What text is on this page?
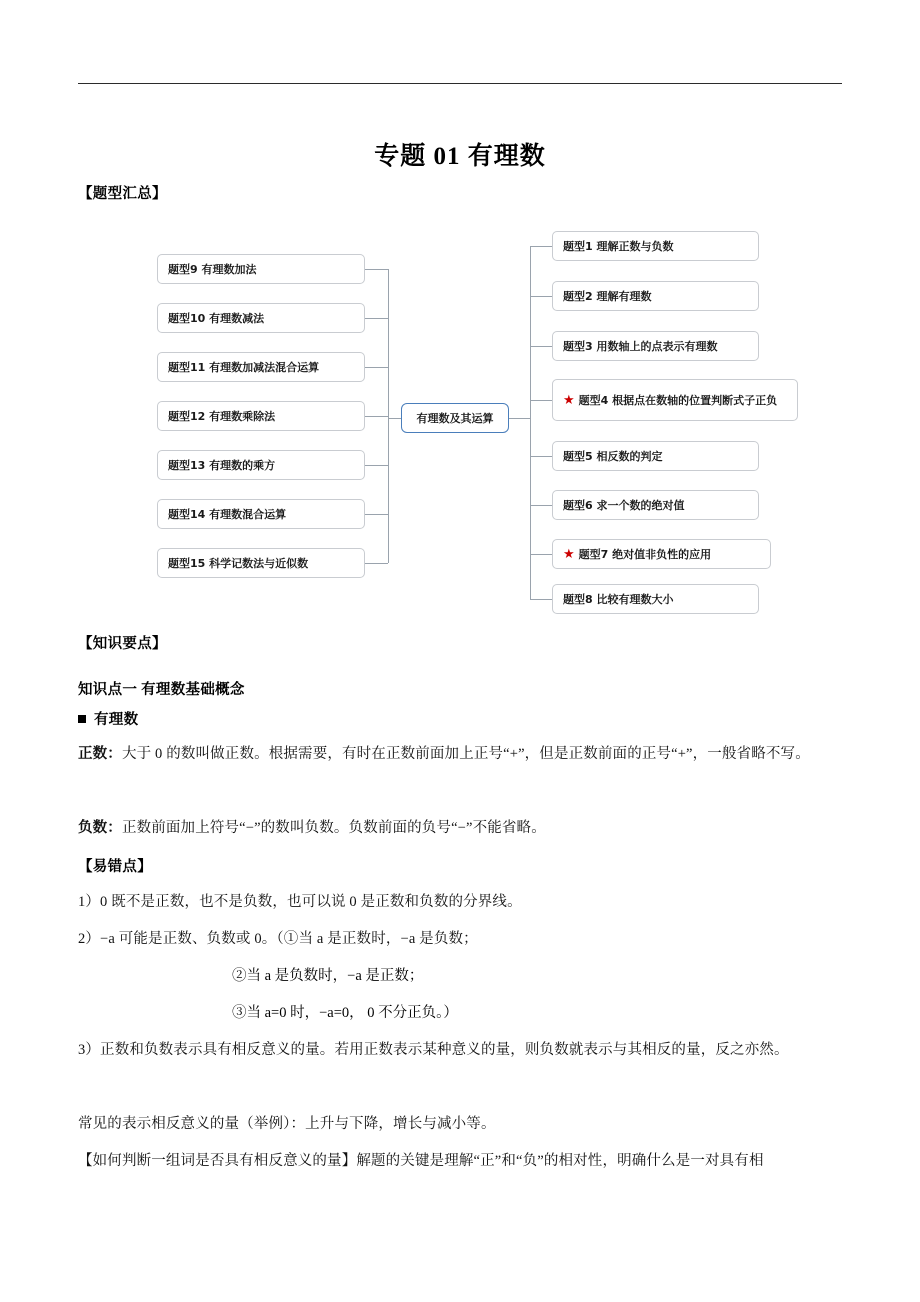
专题 01 有理数
【题型汇总】
题型9 有理数加法
题型10 有理数减法
题型11 有理数加减法混合运算
题型12 有理数乘除法
题型13 有理数的乘方
题型14 有理数混合运算
题型15 科学记数法与近似数
有理数及其运算
题型1 理解正数与负数
题型2 理解有理数
题型3 用数轴上的点表示有理数
★ 题型4 根据点在数轴的位置判断式子正负
题型5 相反数的判定
题型6 求一个数的绝对值
★ 题型7 绝对值非负性的应用
题型8 比较有理数大小
【知识要点】
知识点一 有理数基础概念
有理数
正数：大于 0 的数叫做正数。根据需要，有时在正数前面加上正号“+”，但是正数前面的正号“+”，一般省略不写。
负数：正数前面加上符号“−”的数叫负数。负数前面的负号“−”不能省略。
【易错点】
1）0 既不是正数，也不是负数，也可以说 0 是正数和负数的分界线。
2）−a 可能是正数、负数或 0。（①当 a 是正数时，−a 是负数；
②当 a 是负数时，−a 是正数；
③当 a=0 时，−a=0， 0 不分正负。）
3）正数和负数表示具有相反意义的量。若用正数表示某种意义的量，则负数就表示与其相反的量，反之亦然。
常见的表示相反意义的量（举例）：上升与下降，增长与减小等。
【如何判断一组词是否具有相反意义的量】解题的关键是理解“正”和“负”的相对性，明确什么是一对具有相
